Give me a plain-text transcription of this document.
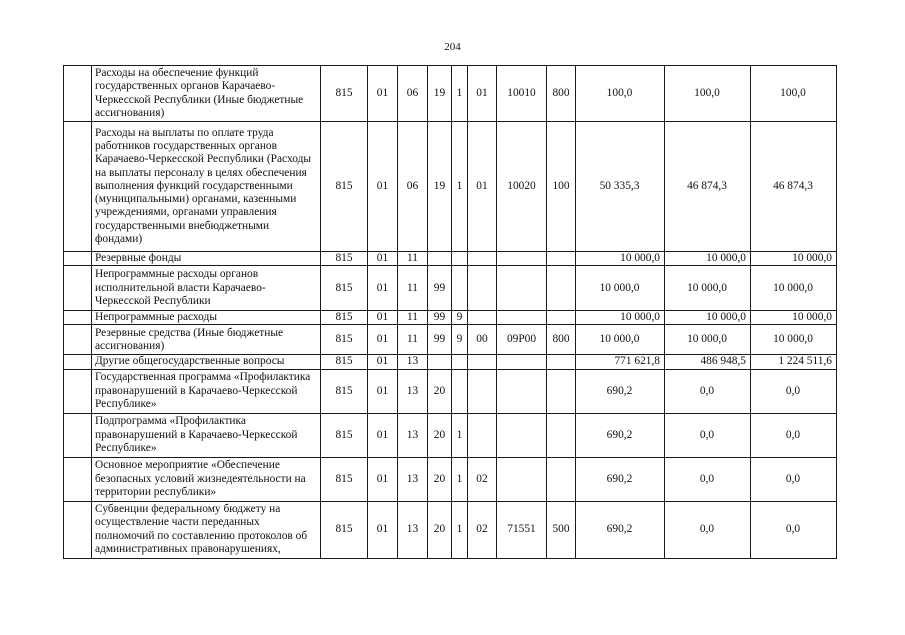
204
	Расходы на обеспечение функций государственных органов Карачаево-Черкесской Республики (Иные бюджетные ассигнования)	815	01	06	19	1	01	10010	800	100,0	100,0	100,0
	Расходы на выплаты по оплате труда работников государственных органов Карачаево-Черкесской Республики (Расходы на выплаты персоналу в целях обеспечения выполнения функций государственными (муниципальными) органами, казенными учреждениями, органами управления государственными внебюджетными фондами)	815	01	06	19	1	01	10020	100	50 335,3	46 874,3	46 874,3
	Резервные фонды	815	01	11						10 000,0	10 000,0	10 000,0
	Непрограммные расходы органов исполнительной власти Карачаево-Черкесской Республики	815	01	11	99					10 000,0	10 000,0	10 000,0
	Непрограммные расходы	815	01	11	99	9				10 000,0	10 000,0	10 000,0
	Резервные средства (Иные бюджетные ассигнования)	815	01	11	99	9	00	09Р00	800	10 000,0	10 000,0	10 000,0
	Другие общегосударственные вопросы	815	01	13						771 621,8	486 948,5	1 224 511,6
	Государственная программа «Профилактика правонарушений в Карачаево-Черкесской Республике»	815	01	13	20					690,2	0,0	0,0
	Подпрограмма «Профилактика правонарушений в Карачаево-Черкесской Республике»	815	01	13	20	1				690,2	0,0	0,0
	Основное мероприятие «Обеспечение безопасных условий жизнедеятельности на территории республики»	815	01	13	20	1	02			690,2	0,0	0,0
	Субвенции федеральному бюджету на осуществление части переданных полномочий по составлению протоколов об административных правонарушениях,	815	01	13	20	1	02	71551	500	690,2	0,0	0,0
